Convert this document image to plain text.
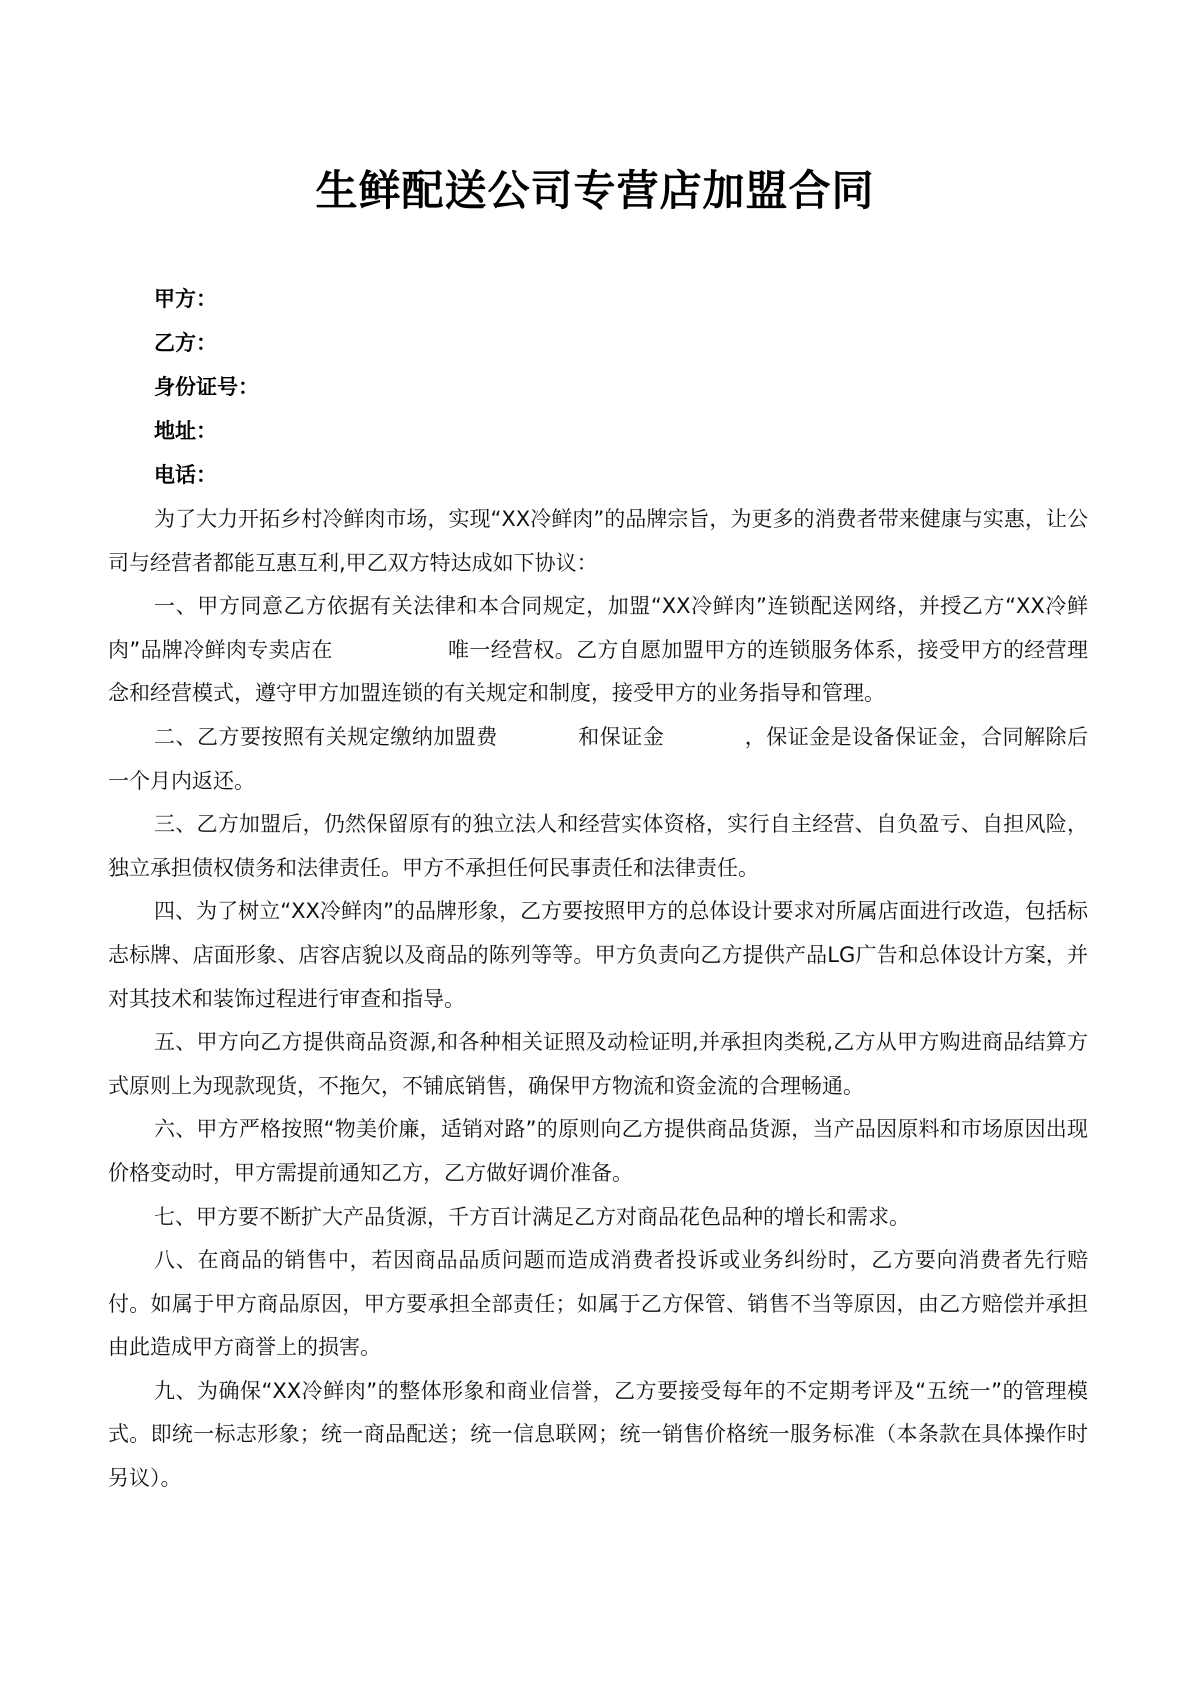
生鲜配送公司专营店加盟合同
甲方：
乙方：
身份证号：
地址：
电话：

为了大力开拓乡村冷鲜肉市场，实现“XX冷鲜肉”的品牌宗旨，为更多的消费者带来健康与实惠，让公司与经营者都能互惠互利,甲乙双方特达成如下协议：

一、甲方同意乙方依据有关法律和本合同规定，加盟“XX冷鲜肉”连锁配送网络，并授乙方“XX冷鲜肉”品牌冷鲜肉专卖店在	唯一经营权。乙方自愿加盟甲方的连锁服务体系，接受甲方的经营理念和经营模式，遵守甲方加盟连锁的有关规定和制度，接受甲方的业务指导和管理。

二、乙方要按照有关规定缴纳加盟费	和保证金	，保证金是设备保证金，合同解除后一个月内返还。

三、乙方加盟后，仍然保留原有的独立法人和经营实体资格，实行自主经营、自负盈亏、自担风险，独立承担债权债务和法律责任。甲方不承担任何民事责任和法律责任。

四、为了树立“XX冷鲜肉”的品牌形象，乙方要按照甲方的总体设计要求对所属店面进行改造，包括标志标牌、店面形象、店容店貌以及商品的陈列等等。甲方负责向乙方提供产品LG广告和总体设计方案，并对其技术和装饰过程进行审查和指导。

五、甲方向乙方提供商品资源,和各种相关证照及动检证明,并承担肉类税,乙方从甲方购进商品结算方式原则上为现款现货，不拖欠，不铺底销售，确保甲方物流和资金流的合理畅通。

六、甲方严格按照“物美价廉，适销对路”的原则向乙方提供商品货源，当产品因原料和市场原因出现价格变动时，甲方需提前通知乙方，乙方做好调价准备。

七、甲方要不断扩大产品货源，千方百计满足乙方对商品花色品种的增长和需求。

八、在商品的销售中，若因商品品质问题而造成消费者投诉或业务纠纷时，乙方要向消费者先行赔付。如属于甲方商品原因，甲方要承担全部责任；如属于乙方保管、销售不当等原因，由乙方赔偿并承担由此造成甲方商誉上的损害。

九、为确保“XX冷鲜肉”的整体形象和商业信誉，乙方要接受每年的不定期考评及“五统一”的管理模式。即统一标志形象；统一商品配送；统一信息联网；统一销售价格统一服务标准（本条款在具体操作时另议）。
